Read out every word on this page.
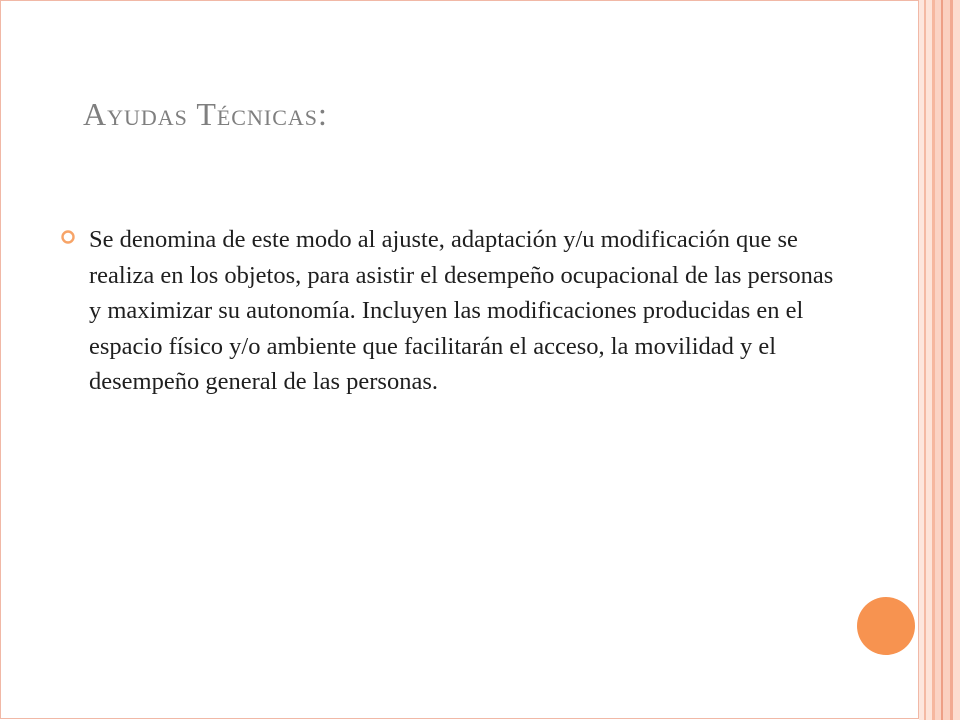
Ayudas Técnicas:
Se denomina de este modo al ajuste, adaptación y/u modificación que se realiza en los objetos, para asistir el desempeño ocupacional de las personas y maximizar su autonomía. Incluyen las modificaciones producidas en el espacio físico y/o ambiente que facilitarán el acceso, la movilidad y el desempeño general de las personas.
